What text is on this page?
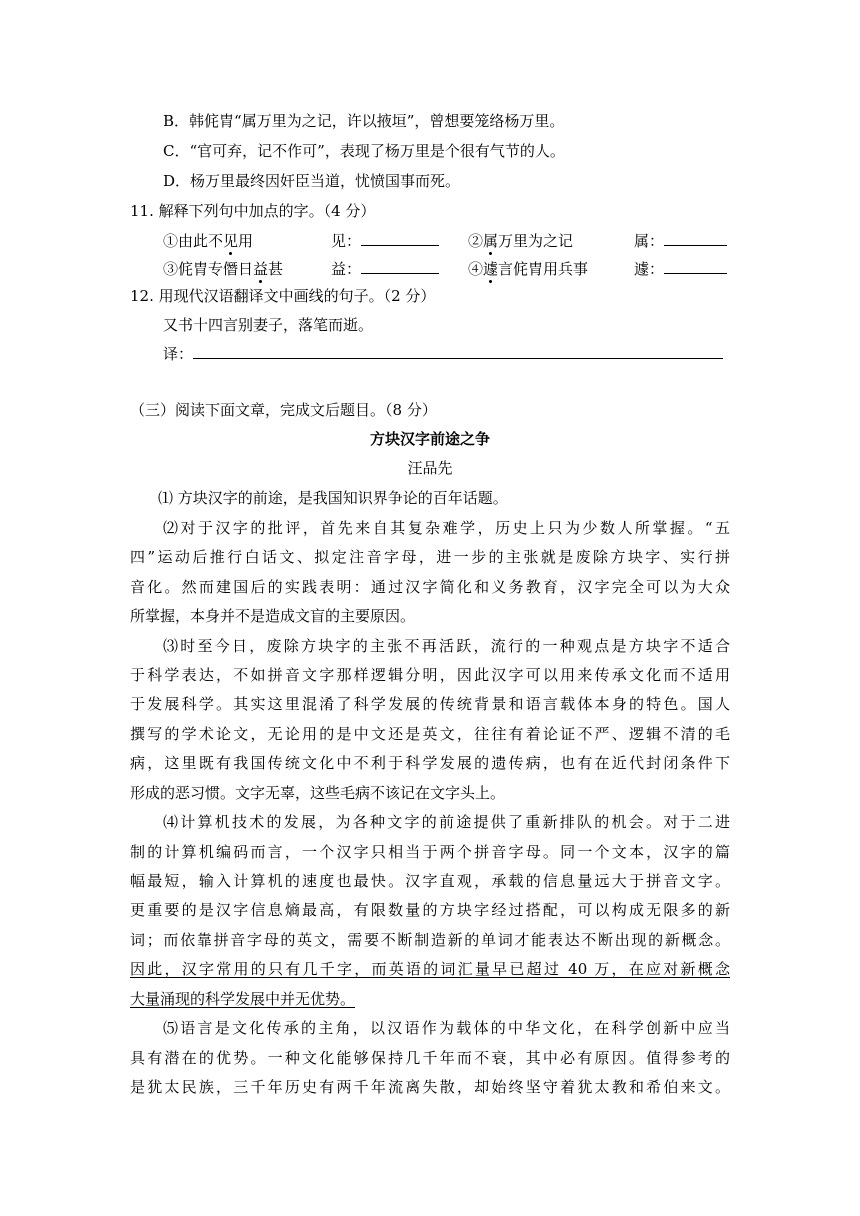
B．韩侂胄“属万里为之记，许以掖垣”，曾想要笼络杨万里。
C．“官可弃，记不作可”，表现了杨万里是个很有气节的人。
D．杨万里最终因奸臣当道，忧愤国事而死。
11. 解释下列句中加点的字。（4 分）
①由此不见用	见：	②属万里为之记	属：
③侂胄专僭日益甚	益：	④遽言侂胄用兵事	遽：
12. 用现代汉语翻译文中画线的句子。（2 分）
又书十四言别妻子，落笔而逝。
译：
（三）阅读下面文章，完成文后题目。（8 分）
方块汉字前途之争
汪品先
⑴ 方块汉字的前途，是我国知识界争论的百年话题。
⑵对于汉字的批评，首先来自其复杂难学，历史上只为少数人所掌握。“五
四”运动后推行白话文、拟定注音字母，进一步的主张就是废除方块字、实行拼
音化。然而建国后的实践表明：通过汉字简化和义务教育，汉字完全可以为大众
所掌握，本身并不是造成文盲的主要原因。
⑶时至今日，废除方块字的主张不再活跃，流行的一种观点是方块字不适合
于科学表达，不如拼音文字那样逻辑分明，因此汉字可以用来传承文化而不适用
于发展科学。其实这里混淆了科学发展的传统背景和语言载体本身的特色。国人
撰写的学术论文，无论用的是中文还是英文，往往有着论证不严、逻辑不清的毛
病，这里既有我国传统文化中不利于科学发展的遗传病，也有在近代封闭条件下
形成的恶习惯。文字无辜，这些毛病不该记在文字头上。
⑷计算机技术的发展，为各种文字的前途提供了重新排队的机会。对于二进
制的计算机编码而言，一个汉字只相当于两个拼音字母。同一个文本，汉字的篇
幅最短，输入计算机的速度也最快。汉字直观，承载的信息量远大于拼音文字。
更重要的是汉字信息熵最高，有限数量的方块字经过搭配，可以构成无限多的新
词；而依靠拼音字母的英文，需要不断制造新的单词才能表达不断出现的新概念。
因此，汉字常用的只有几千字，而英语的词汇量早已超过 40 万，在应对新概念
大量涌现的科学发展中并无优势。
⑸语言是文化传承的主角，以汉语作为载体的中华文化，在科学创新中应当
具有潜在的优势。一种文化能够保持几千年而不衰，其中必有原因。值得参考的
是犹太民族，三千年历史有两千年流离失散，却始终坚守着犹太教和希伯来文。
